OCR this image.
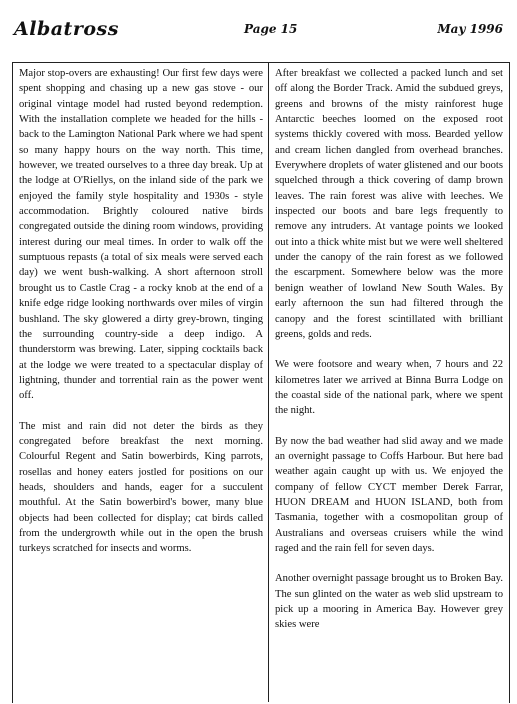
Albatross	Page 15	May 1996

Major stop-overs are exhausting! Our first few days were spent shopping and chasing up a new gas stove - our original vintage model had rusted beyond redemption. With the installation complete we headed for the hills - back to the Lamington National Park where we had spent so many happy hours on the way north. This time, however, we treated ourselves to a three day break. Up at the lodge at O'Riellys, on the inland side of the park we enjoyed the family style hospitality and 1930s - style accommodation. Brightly coloured native birds congregated outside the dining room windows, providing interest during our meal times. In order to walk off the sumptuous repasts (a total of six meals were served each day) we went bush-walking. A short afternoon stroll brought us to Castle Crag - a rocky knob at the end of a knife edge ridge looking northwards over miles of virgin bushland. The sky glowered a dirty grey-brown, tinging the surrounding country-side a deep indigo. A thunderstorm was brewing. Later, sipping cocktails back at the lodge we were treated to a spectacular display of lightning, thunder and torrential rain as the power went off.

The mist and rain did not deter the birds as they congregated before breakfast the next morning. Colourful Regent and Satin bowerbirds, King parrots, rosellas and honey eaters jostled for positions on our heads, shoulders and hands, eager for a succulent mouthful. At the Satin bowerbird's bower, many blue objects had been collected for display; cat birds called from the undergrowth while out in the open the brush turkeys scratched for insects and worms.

After breakfast we collected a packed lunch and set off along the Border Track. Amid the subdued greys, greens and browns of the misty rainforest huge Antarctic beeches loomed on the exposed root systems thickly covered with moss. Bearded yellow and cream lichen dangled from overhead branches. Everywhere droplets of water glistened and our boots squelched through a thick covering of damp brown leaves. The rain forest was alive with leeches. We inspected our boots and bare legs frequently to remove any intruders. At vantage points we looked out into a thick white mist but we were well sheltered under the canopy of the rain forest as we followed the escarpment. Somewhere below was the more benign weather of lowland New South Wales. By early afternoon the sun had filtered through the canopy and the forest scintillated with brilliant greens, golds and reds.

We were footsore and weary when, 7 hours and 22 kilometres later we arrived at Binna Burra Lodge on the coastal side of the national park, where we spent the night.

By now the bad weather had slid away and we made an overnight passage to Coffs Harbour. But here bad weather again caught up with us. We enjoyed the company of fellow CYCT member Derek Farrar, HUON DREAM and HUON ISLAND, both from Tasmania, together with a cosmopolitan group of Australians and overseas cruisers while the wind raged and the rain fell for seven days.

Another overnight passage brought us to Broken Bay. The sun glinted on the water as web slid upstream to pick up a mooring in America Bay. However grey skies were
